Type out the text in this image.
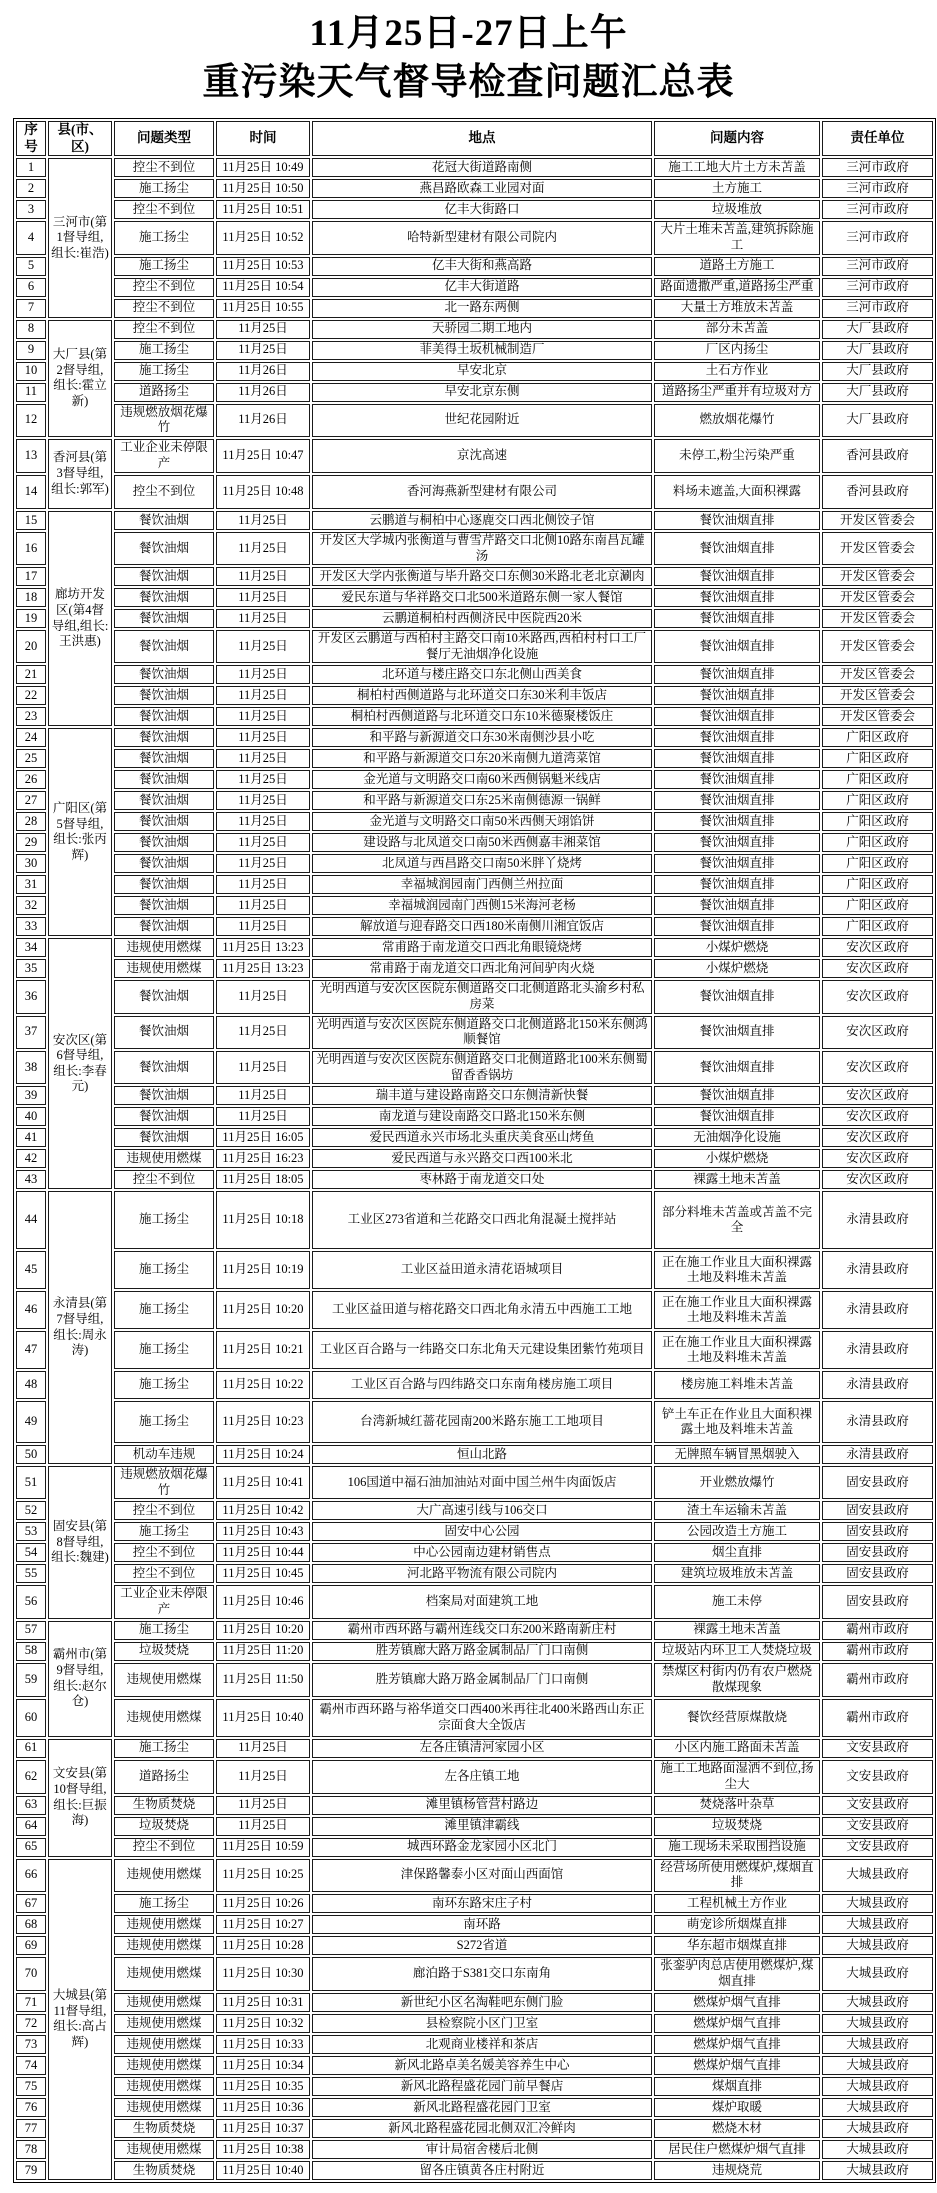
11月25日-27日上午
重污染天气督导检查问题汇总表
序号	县(市、区)	问题类型	时间	地点	问题内容	责任单位
1	三河市(第1督导组,组长:崔浩)	控尘不到位	11月25日 10:49	花冠大街道路南侧	施工工地大片土方未苫盖	三河市政府
2		施工扬尘	11月25日 10:50	燕昌路欧森工业园对面	土方施工	三河市政府
3		控尘不到位	11月25日 10:51	亿丰大街路口	垃圾堆放	三河市政府
4		施工扬尘	11月25日 10:52	哈特新型建材有限公司院内	大片土堆未苫盖,建筑拆除施工	三河市政府
5		施工扬尘	11月25日 10:53	亿丰大街和燕高路	道路土方施工	三河市政府
6		控尘不到位	11月25日 10:54	亿丰大街道路	路面遗撒严重,道路扬尘严重	三河市政府
7		控尘不到位	11月25日 10:55	北一路东两侧	大量土方堆放未苫盖	三河市政府
8	大厂县(第2督导组,组长:霍立新)	控尘不到位	11月25日	天骄园二期工地内	部分未苫盖	大厂县政府
9		施工扬尘	11月25日	菲美得土坂机械制造厂	厂区内扬尘	大厂县政府
10		施工扬尘	11月26日	早安北京	土石方作业	大厂县政府
11		道路扬尘	11月26日	早安北京东侧	道路扬尘严重并有垃圾对方	大厂县政府
12		违规燃放烟花爆竹	11月26日	世纪花园附近	燃放烟花爆竹	大厂县政府
13	香河县(第3督导组,组长:郭军)	工业企业未停限产	11月25日 10:47	京沈高速	未停工,粉尘污染严重	香河县政府
14		控尘不到位	11月25日 10:48	香河海燕新型建材有限公司	料场未遮盖,大面积裸露	香河县政府
15	廊坊开发区(第4督导组,组长:王洪惠)	餐饮油烟	11月25日	云鹏道与桐柏中心逐鹿交口西北侧饺子馆	餐饮油烟直排	开发区管委会
16		餐饮油烟	11月25日	开发区大学城内张衡道与曹雪芹路交口北侧10路东南昌瓦罐汤	餐饮油烟直排	开发区管委会
17		餐饮油烟	11月25日	开发区大学内张衡道与毕升路交口东侧30米路北老北京涮肉	餐饮油烟直排	开发区管委会
18		餐饮油烟	11月25日	爱民东道与华祥路交口北500米道路东侧一家人餐馆	餐饮油烟直排	开发区管委会
19		餐饮油烟	11月25日	云鹏道桐柏村西侧济民中医院西20米	餐饮油烟直排	开发区管委会
20		餐饮油烟	11月25日	开发区云鹏道与西柏村主路交口南10米路西,西柏村村口工厂餐厅无油烟净化设施	餐饮油烟直排	开发区管委会
21		餐饮油烟	11月25日	北环道与楼庄路交口东北侧山西美食	餐饮油烟直排	开发区管委会
22		餐饮油烟	11月25日	桐柏村西侧道路与北环道交口东30米利丰饭店	餐饮油烟直排	开发区管委会
23		餐饮油烟	11月25日	桐柏村西侧道路与北环道交口东10米德聚楼饭庄	餐饮油烟直排	开发区管委会
24	广阳区(第5督导组,组长:张丙辉)	餐饮油烟	11月25日	和平路与新源道交口东30米南侧沙县小吃	餐饮油烟直排	广阳区政府
25		餐饮油烟	11月25日	和平路与新源道交口东20米南侧九道湾菜馆	餐饮油烟直排	广阳区政府
26		餐饮油烟	11月25日	金光道与文明路交口南60米西侧锅魁米线店	餐饮油烟直排	广阳区政府
27		餐饮油烟	11月25日	和平路与新源道交口东25米南侧德源一锅鲜	餐饮油烟直排	广阳区政府
28		餐饮油烟	11月25日	金光道与文明路交口南50米西侧天翊馅饼	餐饮油烟直排	广阳区政府
29		餐饮油烟	11月25日	建设路与北凤道交口南50米西侧嘉丰湘菜馆	餐饮油烟直排	广阳区政府
30		餐饮油烟	11月25日	北凤道与西昌路交口南50米胖丫烧烤	餐饮油烟直排	广阳区政府
31		餐饮油烟	11月25日	幸福城润园南门西侧兰州拉面	餐饮油烟直排	广阳区政府
32		餐饮油烟	11月25日	幸福城润园南门西侧15米海河老杨	餐饮油烟直排	广阳区政府
33		餐饮油烟	11月25日	解放道与迎春路交口西180米南侧川湘宜饭店	餐饮油烟直排	广阳区政府
34	安次区(第6督导组,组长:李春元)	违规使用燃煤	11月25日 13:23	常甫路于南龙道交口西北角眼镜烧烤	小煤炉燃烧	安次区政府
35		违规使用燃煤	11月25日 13:23	常甫路于南龙道交口西北角河间驴肉火烧	小煤炉燃烧	安次区政府
36		餐饮油烟	11月25日	光明西道与安次区医院东侧道路交口北侧道路北头渝乡村私房菜	餐饮油烟直排	安次区政府
37		餐饮油烟	11月25日	光明西道与安次区医院东侧道路交口北侧道路北150米东侧鸿顺餐馆	餐饮油烟直排	安次区政府
38		餐饮油烟	11月25日	光明西道与安次区医院东侧道路交口北侧道路北100米东侧蜀留香香锅坊	餐饮油烟直排	安次区政府
39		餐饮油烟	11月25日	瑞丰道与建设路南路交口东侧清新快餐	餐饮油烟直排	安次区政府
40		餐饮油烟	11月25日	南龙道与建设南路交口路北150米东侧	餐饮油烟直排	安次区政府
41		餐饮油烟	11月25日 16:05	爱民西道永兴市场北头重庆美食巫山烤鱼	无油烟净化设施	安次区政府
42		违规使用燃煤	11月25日 16:23	爱民西道与永兴路交口西100米北	小煤炉燃烧	安次区政府
43		控尘不到位	11月25日 18:05	枣林路于南龙道交口处	裸露土地未苫盖	安次区政府
44	永清县(第7督导组,组长:周永涛)	施工扬尘	11月25日 10:18	工业区273省道和兰花路交口西北角混凝土搅拌站	部分料堆未苫盖或苫盖不完全	永清县政府
45		施工扬尘	11月25日 10:19	工业区益田道永清花语城项目	正在施工作业且大面积裸露土地及料堆未苫盖	永清县政府
46		施工扬尘	11月25日 10:20	工业区益田道与榕花路交口西北角永清五中西施工工地	正在施工作业且大面积裸露土地及料堆未苫盖	永清县政府
47		施工扬尘	11月25日 10:21	工业区百合路与一纬路交口东北角天元建设集团紫竹苑项目	正在施工作业且大面积裸露土地及料堆未苫盖	永清县政府
48		施工扬尘	11月25日 10:22	工业区百合路与四纬路交口东南角楼房施工项目	楼房施工料堆未苫盖	永清县政府
49		施工扬尘	11月25日 10:23	台湾新城红蔷花园南200米路东施工工地项目	铲土车正在作业且大面积裸露土地及料堆未苫盖	永清县政府
50		机动车违规	11月25日 10:24	恒山北路	无牌照车辆冒黑烟驶入	永清县政府
51	固安县(第8督导组,组长:魏建)	违规燃放烟花爆竹	11月25日 10:41	106国道中福石油加油站对面中国兰州牛肉面饭店	开业燃放爆竹	固安县政府
52		控尘不到位	11月25日 10:42	大广高速引线与106交口	渣土车运输未苫盖	固安县政府
53		施工扬尘	11月25日 10:43	固安中心公园	公园改造土方施工	固安县政府
54		控尘不到位	11月25日 10:44	中心公园南边建材销售点	烟尘直排	固安县政府
55		控尘不到位	11月25日 10:45	河北路平物流有限公司院内	建筑垃圾堆放未苫盖	固安县政府
56		工业企业未停限产	11月25日 10:46	档案局对面建筑工地	施工未停	固安县政府
57	霸州市(第9督导组,组长:赵尔仓)	施工扬尘	11月25日 10:20	霸州市西环路与霸州连线交口东200米路南新庄村	裸露土地未苫盖	霸州市政府
58		垃圾焚烧	11月25日 11:20	胜芳镇廊大路万路金属制品厂门口南侧	垃圾站内环卫工人焚烧垃圾	霸州市政府
59		违规使用燃煤	11月25日 11:50	胜芳镇廊大路万路金属制品厂门口南侧	禁煤区村街内仍有农户燃烧散煤现象	霸州市政府
60		违规使用燃煤	11月25日 10:40	霸州市西环路与裕华道交口西400米再往北400米路西山东正宗面食大全饭店	餐饮经营原煤散烧	霸州市政府
61	文安县(第10督导组,组长:巨振海)	施工扬尘	11月25日	左各庄镇清河家园小区	小区内施工路面未苫盖	文安县政府
62		道路扬尘	11月25日	左各庄镇工地	施工工地路面湿洒不到位,扬尘大	文安县政府
63		生物质焚烧	11月25日	滩里镇杨管营村路边	焚烧落叶杂草	文安县政府
64		垃圾焚烧	11月25日	滩里镇津霸线	垃圾焚烧	文安县政府
65		控尘不到位	11月25日 10:59	城西环路金龙家园小区北门	施工现场未采取围挡设施	文安县政府
66	大城县(第11督导组,组长:高占辉)	违规使用燃煤	11月25日 10:25	津保路馨泰小区对面山西面馆	经营场所使用燃煤炉,煤烟直排	大城县政府
67		施工扬尘	11月25日 10:26	南环东路宋庄子村	工程机械土方作业	大城县政府
68		违规使用燃煤	11月25日 10:27	南环路	萌宠诊所烟煤直排	大城县政府
69		违规使用燃煤	11月25日 10:28	S272省道	华东超市烟煤直排	大城县政府
70		违规使用燃煤	11月25日 10:30	廊泊路于S381交口东南角	张銮驴肉总店使用燃煤炉,煤烟直排	大城县政府
71		违规使用燃煤	11月25日 10:31	新世纪小区名淘鞋吧东侧门脸	燃煤炉烟气直排	大城县政府
72		违规使用燃煤	11月25日 10:32	县检察院小区门卫室	燃煤炉烟气直排	大城县政府
73		违规使用燃煤	11月25日 10:33	北观商业楼祥和茶店	燃煤炉烟气直排	大城县政府
74		违规使用燃煤	11月25日 10:34	新风北路卓美名媛美容养生中心	燃煤炉烟气直排	大城县政府
75		违规使用燃煤	11月25日 10:35	新风北路程盛花园门前早餐店	煤烟直排	大城县政府
76		违规使用燃煤	11月25日 10:36	新风北路程盛花园门卫室	煤炉取暖	大城县政府
77		生物质焚烧	11月25日 10:37	新风北路程盛花园北侧双汇冷鲜肉	燃烧木材	大城县政府
78		违规使用燃煤	11月25日 10:38	审计局宿舍楼后北侧	居民住户燃煤炉烟气直排	大城县政府
79		生物质焚烧	11月25日 10:40	留各庄镇黄各庄村附近	违规烧荒	大城县政府
